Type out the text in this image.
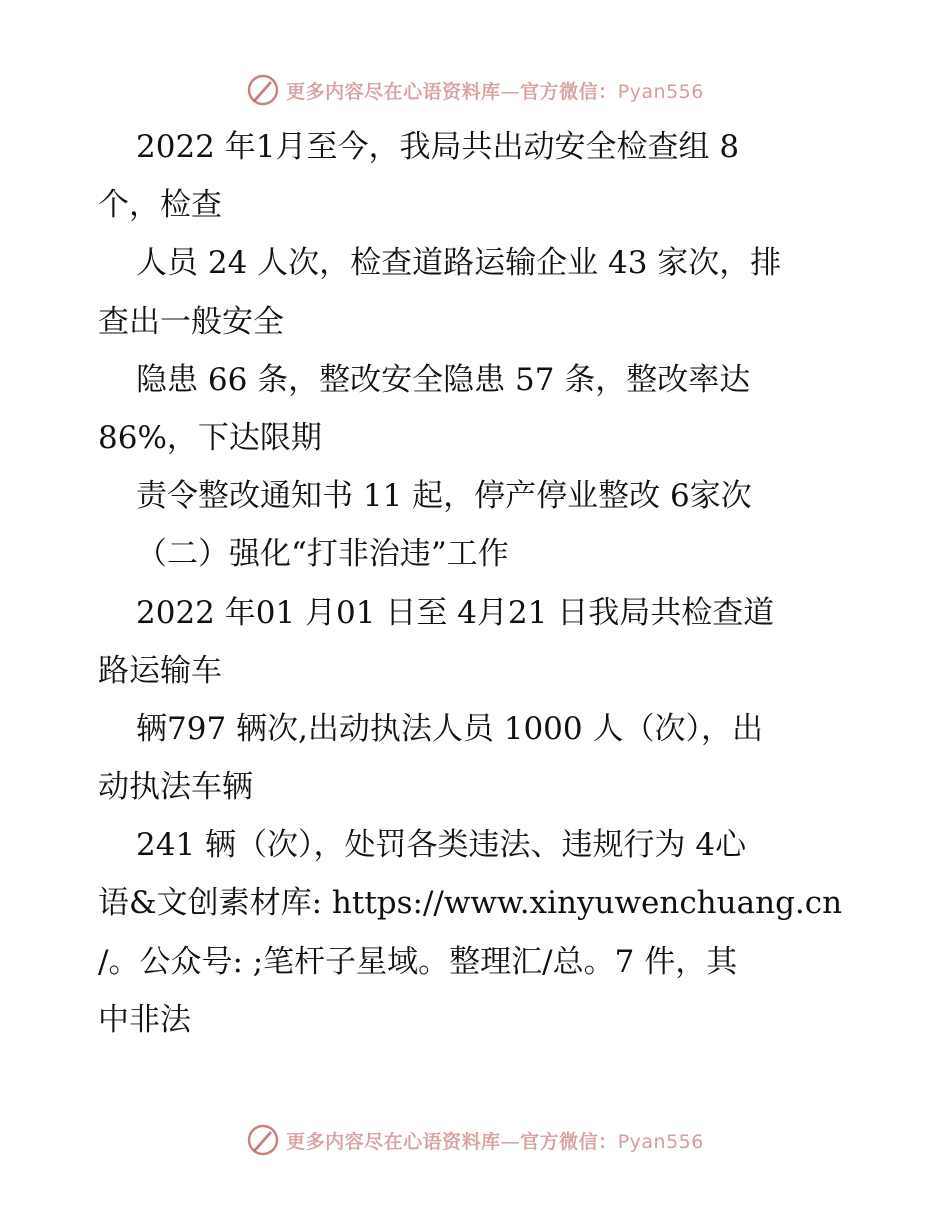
更多内容尽在心语资料库—官方微信：Pyan556
2022 年1月至今，我局共出动安全检查组 8
个，检查
人员 24 人次，检查道路运输企业 43 家次，排
查出一般安全
隐患 66 条，整改安全隐患 57 条，整改率达
86%，下达限期
责令整改通知书 11 起，停产停业整改 6家次
（二）强化“打非治违”工作
2022 年01 月01 日至 4月21 日我局共检查道
路运输车
辆797 辆次,出动执法人员 1000 人（次），出
动执法车辆
241 辆（次），处罚各类违法、违规行为 4心
语&文创素材库: https://www.xinyuwenchuang.cn
/。公众号: ;笔杆子星域。整理汇/总。7 件，其
中非法
更多内容尽在心语资料库—官方微信：Pyan556
